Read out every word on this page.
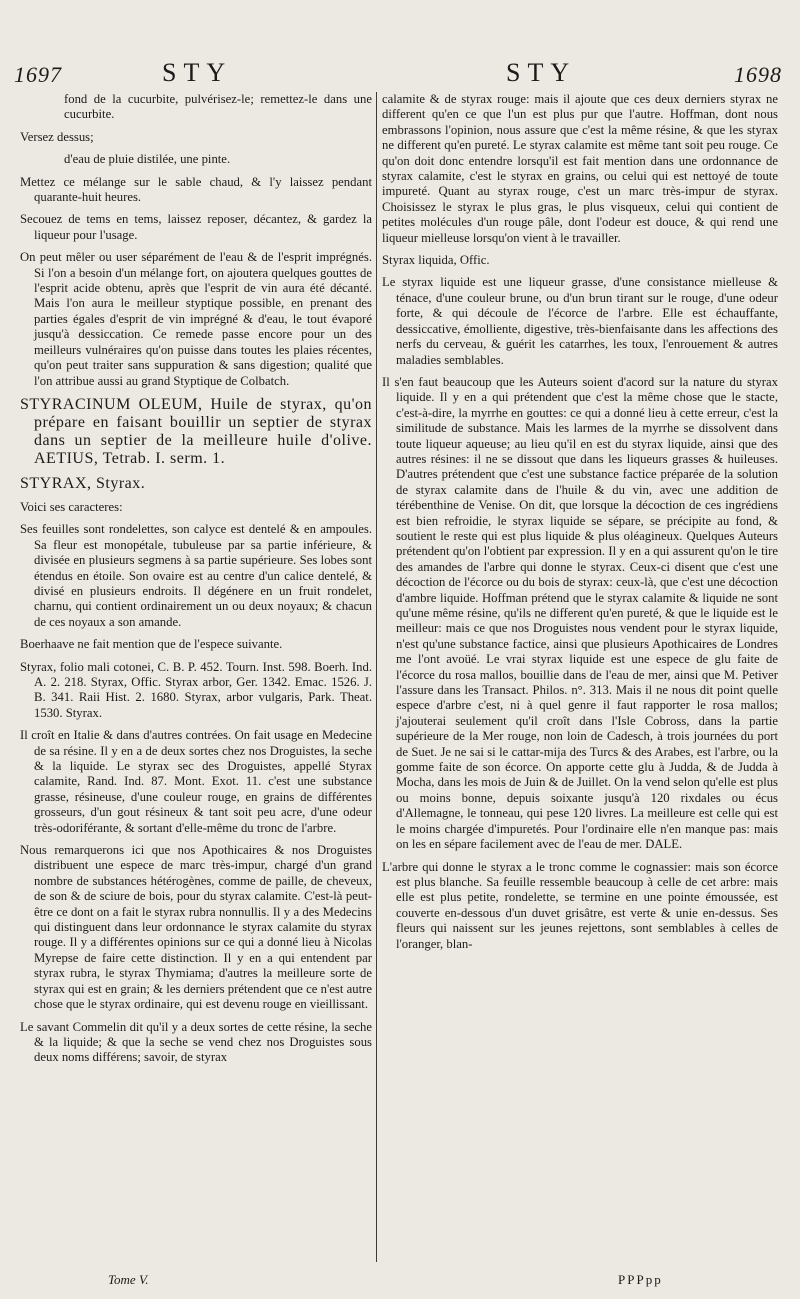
1697	STY	STY	1698

fond de la cucurbite, pulvérisez-le; remettez-le dans une cucurbite.

Versez dessus;

d'eau de pluie distilée, une pinte.

Mettez ce mélange sur le sable chaud, & l'y laissez pendant quarante-huit heures.

Secouez de tems en tems, laissez reposer, décantez, & gardez la liqueur pour l'usage.

On peut mêler ou user séparément de l'eau & de l'esprit imprégnés. Si l'on a besoin d'un mélange fort, on ajoutera quelques gouttes de l'esprit acide obtenu, après que l'esprit de vin aura été décanté. Mais l'on aura le meilleur styptique possible, en prenant des parties égales d'esprit de vin imprégné & d'eau, le tout évaporé jusqu'à dessiccation. Ce remede passe encore pour un des meilleurs vulnéraires qu'on puisse dans toutes les plaies récentes, qu'on peut traiter sans suppuration & sans digestion; qualité que l'on attribue aussi au grand Styptique de Colbatch.

STYRACINUM OLEUM, Huile de styrax, qu'on prépare en faisant bouillir un septier de styrax dans un septier de la meilleure huile d'olive. AETIUS, Tetrab. I. serm. 1.

STYRAX, Styrax.

Voici ses caracteres:

Ses feuilles sont rondelettes, son calyce est dentelé & en ampoules. Sa fleur est monopétale, tubuleuse par sa partie inférieure, & divisée en plusieurs segmens à sa partie supérieure. Ses lobes sont étendus en étoile. Son ovaire est au centre d'un calice dentelé, & divisé en plusieurs endroits. Il dégénere en un fruit rondelet, charnu, qui contient ordinairement un ou deux noyaux; & chacun de ces noyaux a son amande.

Boerhaave ne fait mention que de l'espece suivante.

Styrax, folio mali cotonei, C. B. P. 452. Tourn. Inst. 598. Boerh. Ind. A. 2. 218. Styrax, Offic. Styrax arbor, Ger. 1342. Emac. 1526. J. B. 341. Raii Hist. 2. 1680. Styrax, arbor vulgaris, Park. Theat. 1530. Styrax.

Il croît en Italie & dans d'autres contrées. On fait usage en Medecine de sa résine. Il y en a de deux sortes chez nos Droguistes, la seche & la liquide. Le styrax sec des Droguistes, appellé Styrax calamite, Rand. Ind. 87. Mont. Exot. 11. c'est une substance grasse, résineuse, d'une couleur rouge, en grains de différentes grosseurs, d'un gout résineux & tant soit peu acre, d'une odeur très-odoriférante, & sortant d'elle-même du tronc de l'arbre.

Nous remarquerons ici que nos Apothicaires & nos Droguistes distribuent une espece de marc très-impur, chargé d'un grand nombre de substances hétérogènes, comme de paille, de cheveux, de son & de sciure de bois, pour du styrax calamite. C'est-là peut-être ce dont on a fait le styrax rubra nonnullis. Il y a des Medecins qui distinguent dans leur ordonnance le styrax calamite du styrax rouge. Il y a différentes opinions sur ce qui a donné lieu à Nicolas Myrepse de faire cette distinction. Il y en a qui entendent par styrax rubra, le styrax Thymiama; d'autres la meilleure sorte de styrax qui est en grain; & les derniers prétendent que ce n'est autre chose que le styrax ordinaire, qui est devenu rouge en vieillissant.

Le savant Commelin dit qu'il y a deux sortes de cette résine, la seche & la liquide; & que la seche se vend chez nos Droguistes sous deux noms différens; savoir, de styrax

calamite & de styrax rouge: mais il ajoute que ces deux derniers styrax ne different qu'en ce que l'un est plus pur que l'autre. Hoffman, dont nous embrassons l'opinion, nous assure que c'est la même résine, & que les styrax ne different qu'en pureté. Le styrax calamite est même tant soit peu rouge. Ce qu'on doit donc entendre lorsqu'il est fait mention dans une ordonnance de styrax calamite, c'est le styrax en grains, ou celui qui est nettoyé de toute impureté. Quant au styrax rouge, c'est un marc très-impur de styrax. Choisissez le styrax le plus gras, le plus visqueux, celui qui contient de petites molécules d'un rouge pâle, dont l'odeur est douce, & qui rend une liqueur mielleuse lorsqu'on vient à le travailler.

Styrax liquida, Offic.

Le styrax liquide est une liqueur grasse, d'une consistance mielleuse & ténace, d'une couleur brune, ou d'un brun tirant sur le rouge, d'une odeur forte, & qui découle de l'écorce de l'arbre. Elle est échauffante, dessiccative, émolliente, digestive, très-bienfaisante dans les affections des nerfs du cerveau, & guérit les catarrhes, les toux, l'enrouement & autres maladies semblables.

Il s'en faut beaucoup que les Auteurs soient d'acord sur la nature du styrax liquide. Il y en a qui prétendent que c'est la même chose que le stacte, c'est-à-dire, la myrrhe en gouttes: ce qui a donné lieu à cette erreur, c'est la similitude de substance. Mais les larmes de la myrrhe se dissolvent dans toute liqueur aqueuse; au lieu qu'il en est du styrax liquide, ainsi que des autres résines: il ne se dissout que dans les liqueurs grasses & huileuses. D'autres prétendent que c'est une substance factice préparée de la solution de styrax calamite dans de l'huile & du vin, avec une addition de térébenthine de Venise. On dit, que lorsque la décoction de ces ingrédiens est bien refroidie, le styrax liquide se sépare, se précipite au fond, & soutient le reste qui est plus liquide & plus oléagineux. Quelques Auteurs prétendent qu'on l'obtient par expression. Il y en a qui assurent qu'on le tire des amandes de l'arbre qui donne le styrax. Ceux-ci disent que c'est une décoction de l'écorce ou du bois de styrax: ceux-là, que c'est une décoction d'ambre liquide. Hoffman prétend que le styrax calamite & liquide ne sont qu'une même résine, qu'ils ne different qu'en pureté, & que le liquide est le meilleur: mais ce que nos Droguistes nous vendent pour le styrax liquide, n'est qu'une substance factice, ainsi que plusieurs Apothicaires de Londres me l'ont avoüé. Le vrai styrax liquide est une espece de glu faite de l'écorce du rosa mallos, bouillie dans de l'eau de mer, ainsi que M. Petiver l'assure dans les Transact. Philos. n°. 313. Mais il ne nous dit point quelle espece d'arbre c'est, ni à quel genre il faut rapporter le rosa mallos; j'ajouterai seulement qu'il croît dans l'Isle Cobross, dans la partie supérieure de la Mer rouge, non loin de Cadesch, à trois journées du port de Suet. Je ne sai si le cattar-mija des Turcs & des Arabes, est l'arbre, ou la gomme faite de son écorce. On apporte cette glu à Judda, & de Judda à Mocha, dans les mois de Juin & de Juillet. On la vend selon qu'elle est plus ou moins bonne, depuis soixante jusqu'à 120 rixdales ou écus d'Allemagne, le tonneau, qui pese 120 livres. La meilleure est celle qui est le moins chargée d'impuretés. Pour l'ordinaire elle n'en manque pas: mais on les en sépare facilement avec de l'eau de mer. DALE.

L'arbre qui donne le styrax a le tronc comme le cognassier: mais son écorce est plus blanche. Sa feuille ressemble beaucoup à celle de cet arbre: mais elle est plus petite, rondelette, se termine en une pointe émoussée, est couverte en-dessous d'un duvet grisâtre, est verte & unie en-dessus. Ses fleurs qui naissent sur les jeunes rejettons, sont semblables à celles de l'oranger, blan-

Tome V.	PPPpp
